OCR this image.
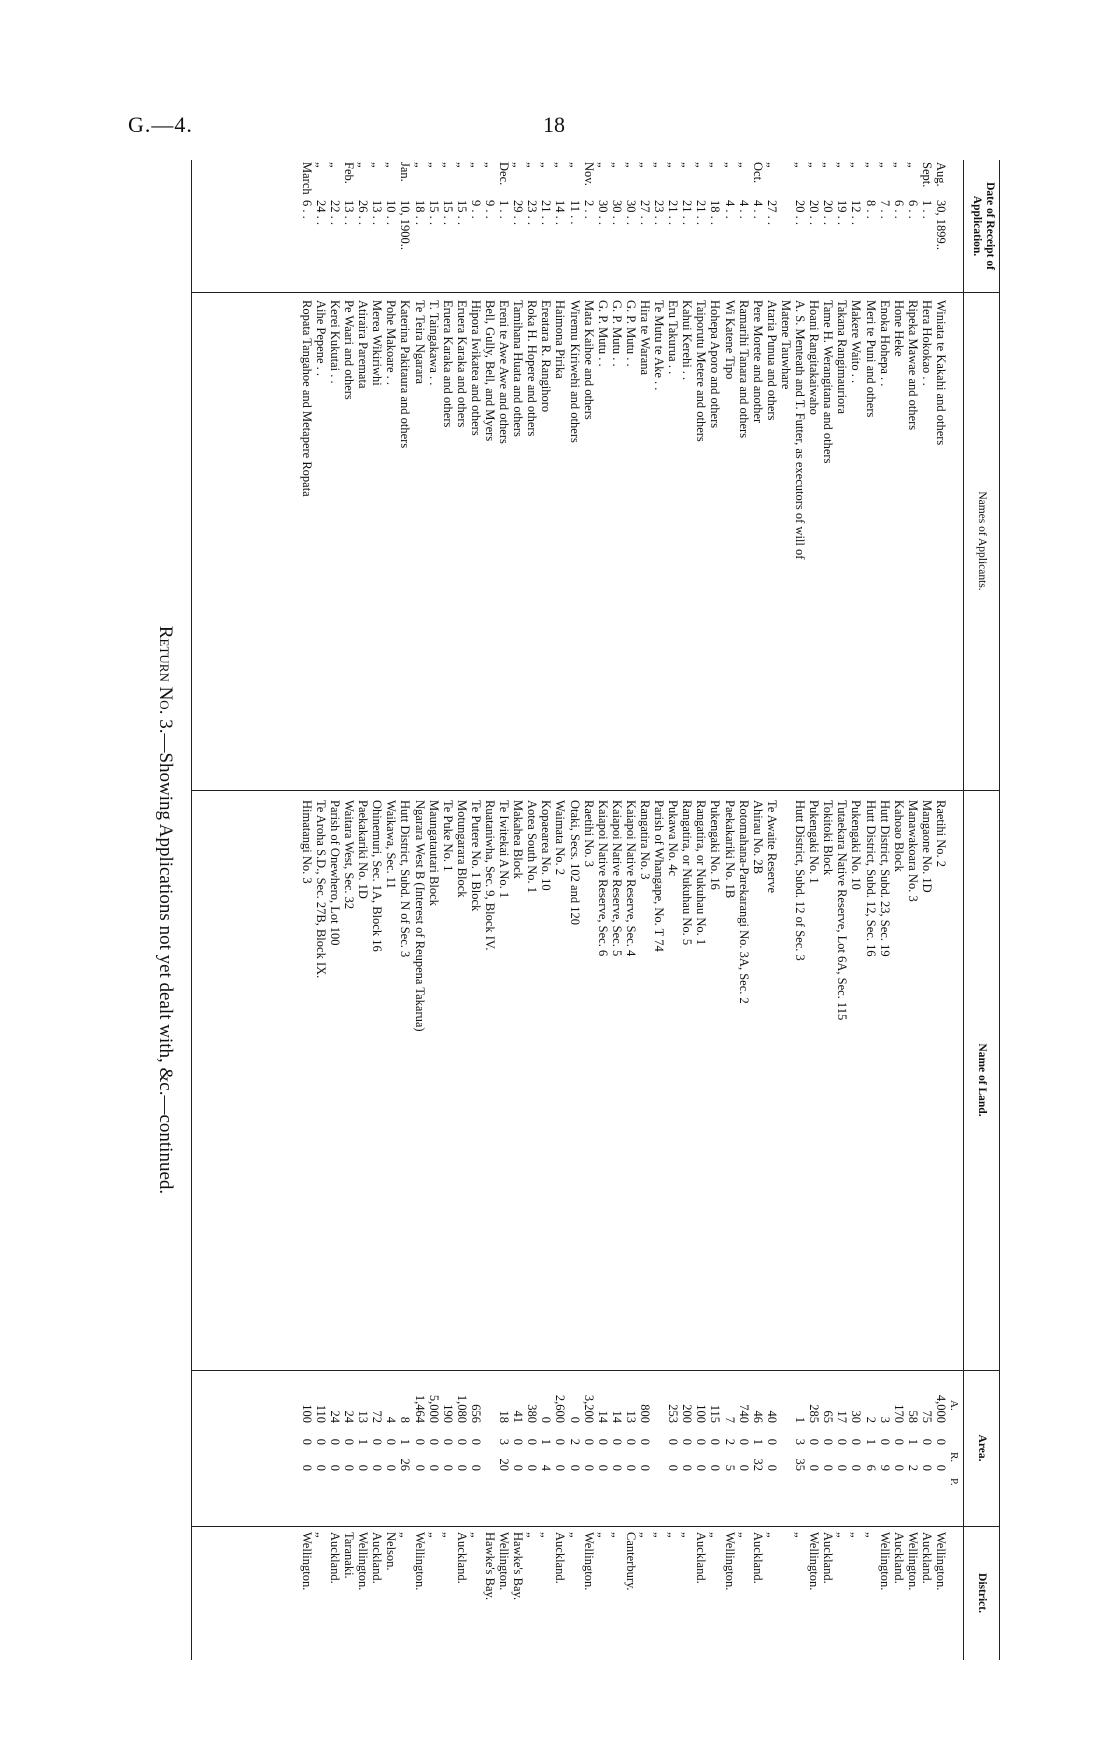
G.—4.	18
Return No. 3.—Showing Applications not yet dealt with, &c.—continued.
Date of Receipt of Application.
Names of Applicants.
Name of Land.
Area.
District.
A.
R.
P.
Aug.
30, 1899..
Winiata te Kakahi and others
Raetihi No. 2
4,00000
Wellington.
Sept.
1 . .
Hera Hokokao . .
Mangaone No. 1D
7500
Auckland.
„
6 . .
Ripeka Mawae and others
Manawakoara No. 3
5812
Wellington.
„
6 . .
Hone Heke
Kahoao Block
17000
Auckland.
„
7 . .
Enoka Hohepa . .
Hutt District, Subd. 23, Sec. 19
309
Wellington.
„
8 . .
Meri te Puni and others
Hutt District, Subd. 12, Sec. 16
216
„
„
12 . .
Makere Waito . .
Pukengaki No. 10
3000
„
„
19 . .
Takana Rangimauriora
Tutaekara Native Reserve, Lot 6A, Sec. 115
1700
„
„
20 . .
Tame H. Werangitana and others
Tokitoki Block
6500
Auckland.
„
20 . .
Hoani Rangitakaiwaho
Pukengaki No. 1
28500
Wellington.
„
20 . .
A. S. Menteath and T. Futter, as executors of will of
Hutt District, Subd. 12 of Sec. 3
1335
„
Matene Tauwhare
„
27 . .
Ataria Punua and others
Te Awaite Reserve
4000
„
Oct.
4 . .
Pere Morete and another
Ahirau No. 2B
46132
Auckland.
„
4 . .
Ramarihi Tanara and others
Rotomahana-Parekarangi No. 3A, Sec. 2
74000
„
„
4 . .
Wi Katene Tipo
Paekakariki No. 1B
725
Wellington.
„
18 . .
Hohepa Aporo and others
Pukengaki No. 16
11500
„
„
21 . .
Taiporutu Metere and others
Rangatira, or Nukuhau No. 1
10000
Auckland.
„
21 . .
Kahui Kerehi . .
Rangatira, or Nukuhau No. 5
20000
„
„
21 . .
Eru Takurua . .
Pukawa No. 4c
25300
„
„
23 . .
Te Mutu te Ake . .
Parish of Whangape, No. T 74
„
„
27 . .
Hira te Warana
Rangatira No. 3
80000
„
„
30 . .
G. P. Mutu . .
Kaiapoi Native Reserve, Sec. 4
1300
Canterbury.
„
30 . .
G. P. Mutu . .
Kaiapoi Native Reserve, Sec. 5
1400
„
„
30 . .
G. P. Mutu . .
Kaiapoi Native Reserve, Sec. 6
1400
„
Nov.
2 . .
Mata Kaihoe and others
Raetihi No. 3
3,20000
Wellington.
„
11 . .
Wiremu Kiriwehi and others
Otaki, Secs. 102 and 120
020
„
„
14 . .
Haimona Pirika
Waimata No. 2
2,60000
Auckland.
„
21 . .
Ereatara R. Rangihoro
Kopaearea No. 10
014
„
„
23 . .
Roka H. Hopere and others
Aotea South No. 1
38000
„
„
29 . .
Tamihana Huata and others
Makahea Block
4100
Hawke's Bay.
Dec.
1 . .
Ereni te Awe Awe and others
Te Iwitekai A No. 1
18320
Wellington.
„
9 . .
Bell, Gully, Bell, and Myers
Ruataniwha, Sec. 9, Block IV.
Hawke's Bay.
„
9 . .
Hipora Iwikatea and others
Te Putere No. 1 Block
65600
„
„
15 . .
Eruera Karaka and others
Motungarara Block
1,08000
Auckland.
„
15 . .
Eruera Karaka and others
Te Puke No. 1
19000
„
„
15 . .
T. Taingakawa . .
Maungatautari Block
5,00000
„
„
18 . .
Te Teira Ngarara
Ngarara West B (Interest of Reupena Takarua)
1,46400
Wellington.
Jan.
10, 1900..
Katerina Pakitaura and others
Hutt District, Subd. N of Sec. 3
8126
„
„
10 . .
Pohe Makoare . .
Waikawa, Sec. 11
400
Nelson.
„
13 . .
Merea Wikiriwhi
Ohinemuri, Sec. 1A, Block 16
7200
Auckland.
„
26 . .
Atiraira Paremata
Paekakariki No. 1D
1310
Wellington.
Feb.
13 . .
Pe Waari and others
Waitara West, Sec. 32
2400
Taranaki.
„
22 . .
Kerei Kukutai . .
Parish of Onewhero, Lot 100
2400
Auckland.
„
24 . .
Aihe Pepene . .
Te Aroha S.D., Sec. 27B, Block IX.
11000
„
March
6 . .
Ropata Tangahoe and Metapere Ropata
Himatangi No. 3
10000
Wellington.
